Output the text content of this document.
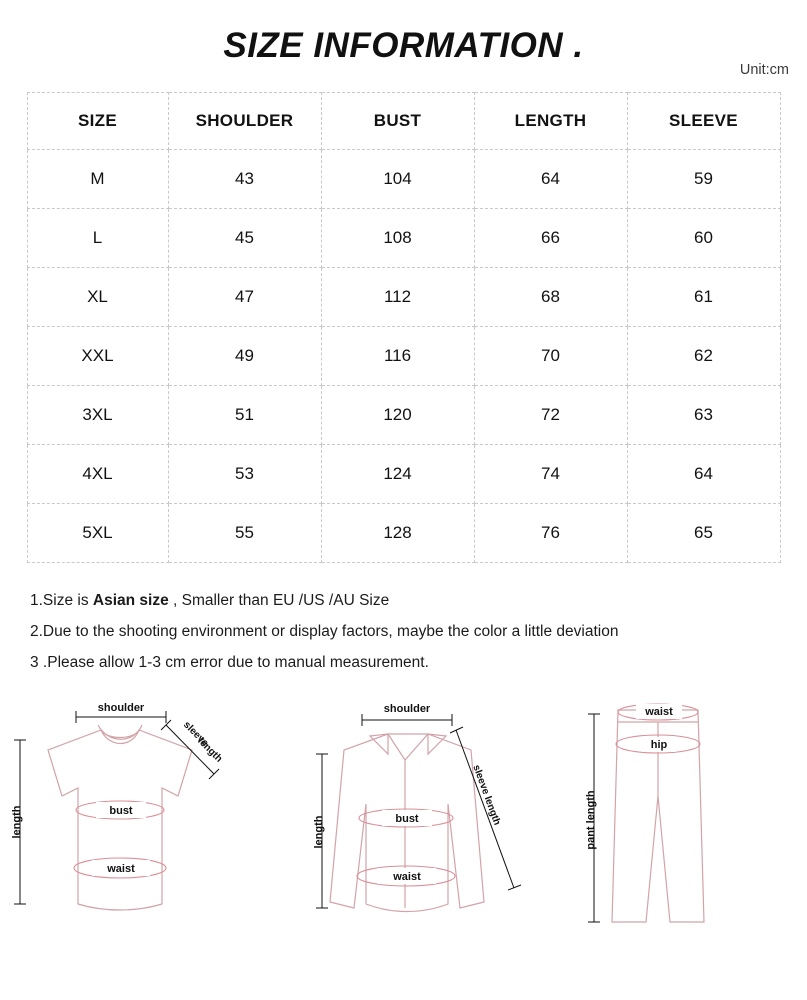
SIZE INFORMATION .
Unit:cm
SIZE	SHOULDER	BUST	LENGTH	SLEEVE
M	43	104	64	59
L	45	108	66	60
XL	47	112	68	61
XXL	49	116	70	62
3XL	51	120	72	63
4XL	53	124	74	64
5XL	55	128	76	65
1.Size is Asian size , Smaller than EU /US /AU Size
2.Due to the shooting environment or display factors, maybe the color a little deviation
3 .Please allow 1-3 cm error due to manual measurement.
shoulder
sleeve
length
length	bust
waist
shoulder
sleeve length
length	bust
waist
waist
hip
pant length
